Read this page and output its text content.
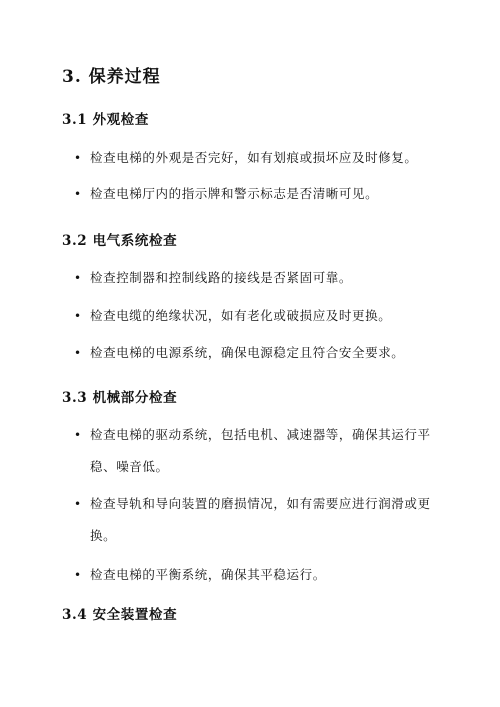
3. 保养过程
3.1 外观检查
• 检查电梯的外观是否完好，如有划痕或损坏应及时修复。
• 检查电梯厅内的指示牌和警示标志是否清晰可见。
3.2 电气系统检查
• 检查控制器和控制线路的接线是否紧固可靠。
• 检查电缆的绝缘状况，如有老化或破损应及时更换。
• 检查电梯的电源系统，确保电源稳定且符合安全要求。
3.3 机械部分检查
• 检查电梯的驱动系统，包括电机、减速器等，确保其运行平稳、噪音低。
• 检查导轨和导向装置的磨损情况，如有需要应进行润滑或更换。
• 检查电梯的平衡系统，确保其平稳运行。
3.4 安全装置检查
